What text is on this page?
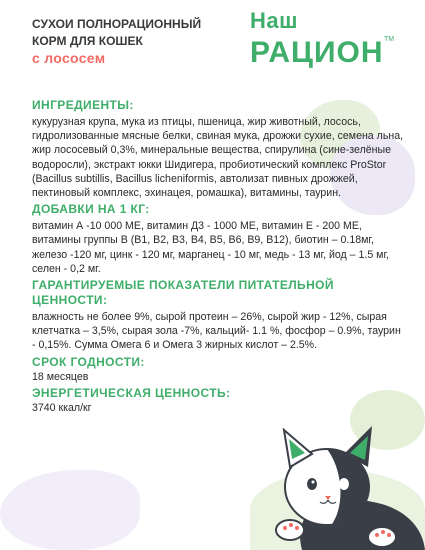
СУХОИ ПОЛНОРАЦИОННЫЙ
КОРМ ДЛЯ КОШЕК
с лососем
Наш
РАЦИОН TM
ИНГРЕДИЕНТЫ:
кукурузная крупа, мука из птицы, пшеница, жир животный, лосось, гидролизованные мясные белки, свиная мука, дрожжи сухие, семена льна, жир лососевый 0,3%, минеральные вещества, спирулина (сине-зелёные водоросли), экстракт юкки Шидигера, пробиотический комплекс ProStor (Bacillus subtillis, Bacillus licheniformis, автолизат пивных дрожжей, пектиновый комплекс, эхинацея, ромашка), витамины, таурин.
ДОБАВКИ НА 1 КГ:
витамин А -10 000 МЕ, витамин Д3 - 1000 МЕ, витамин Е - 200 МЕ, витамины группы В (В1, В2, В3, В4, В5, В6, В9, В12), биотин – 0.18мг, железо -120 мг, цинк - 120 мг, марганец - 10 мг, медь - 13 мг, йод – 1.5 мг, селен - 0,2 мг.
ГАРАНТИРУЕМЫЕ ПОКАЗАТЕЛИ ПИТАТЕЛЬНОЙ ЦЕННОСТИ:
влажность не более 9%, сырой протеин – 26%, сырой жир - 12%, сырая клетчатка – 3,5%, сырая зола -7%, кальций- 1.1 %, фосфор – 0.9%, таурин - 0,15%. Сумма Омега 6 и Омега 3 жирных кислот – 2.5%.
СРОК ГОДНОСТИ:
18 месяцев
ЭНЕРГЕТИЧЕСКАЯ ЦЕННОСТЬ:
3740 ккал/кг
